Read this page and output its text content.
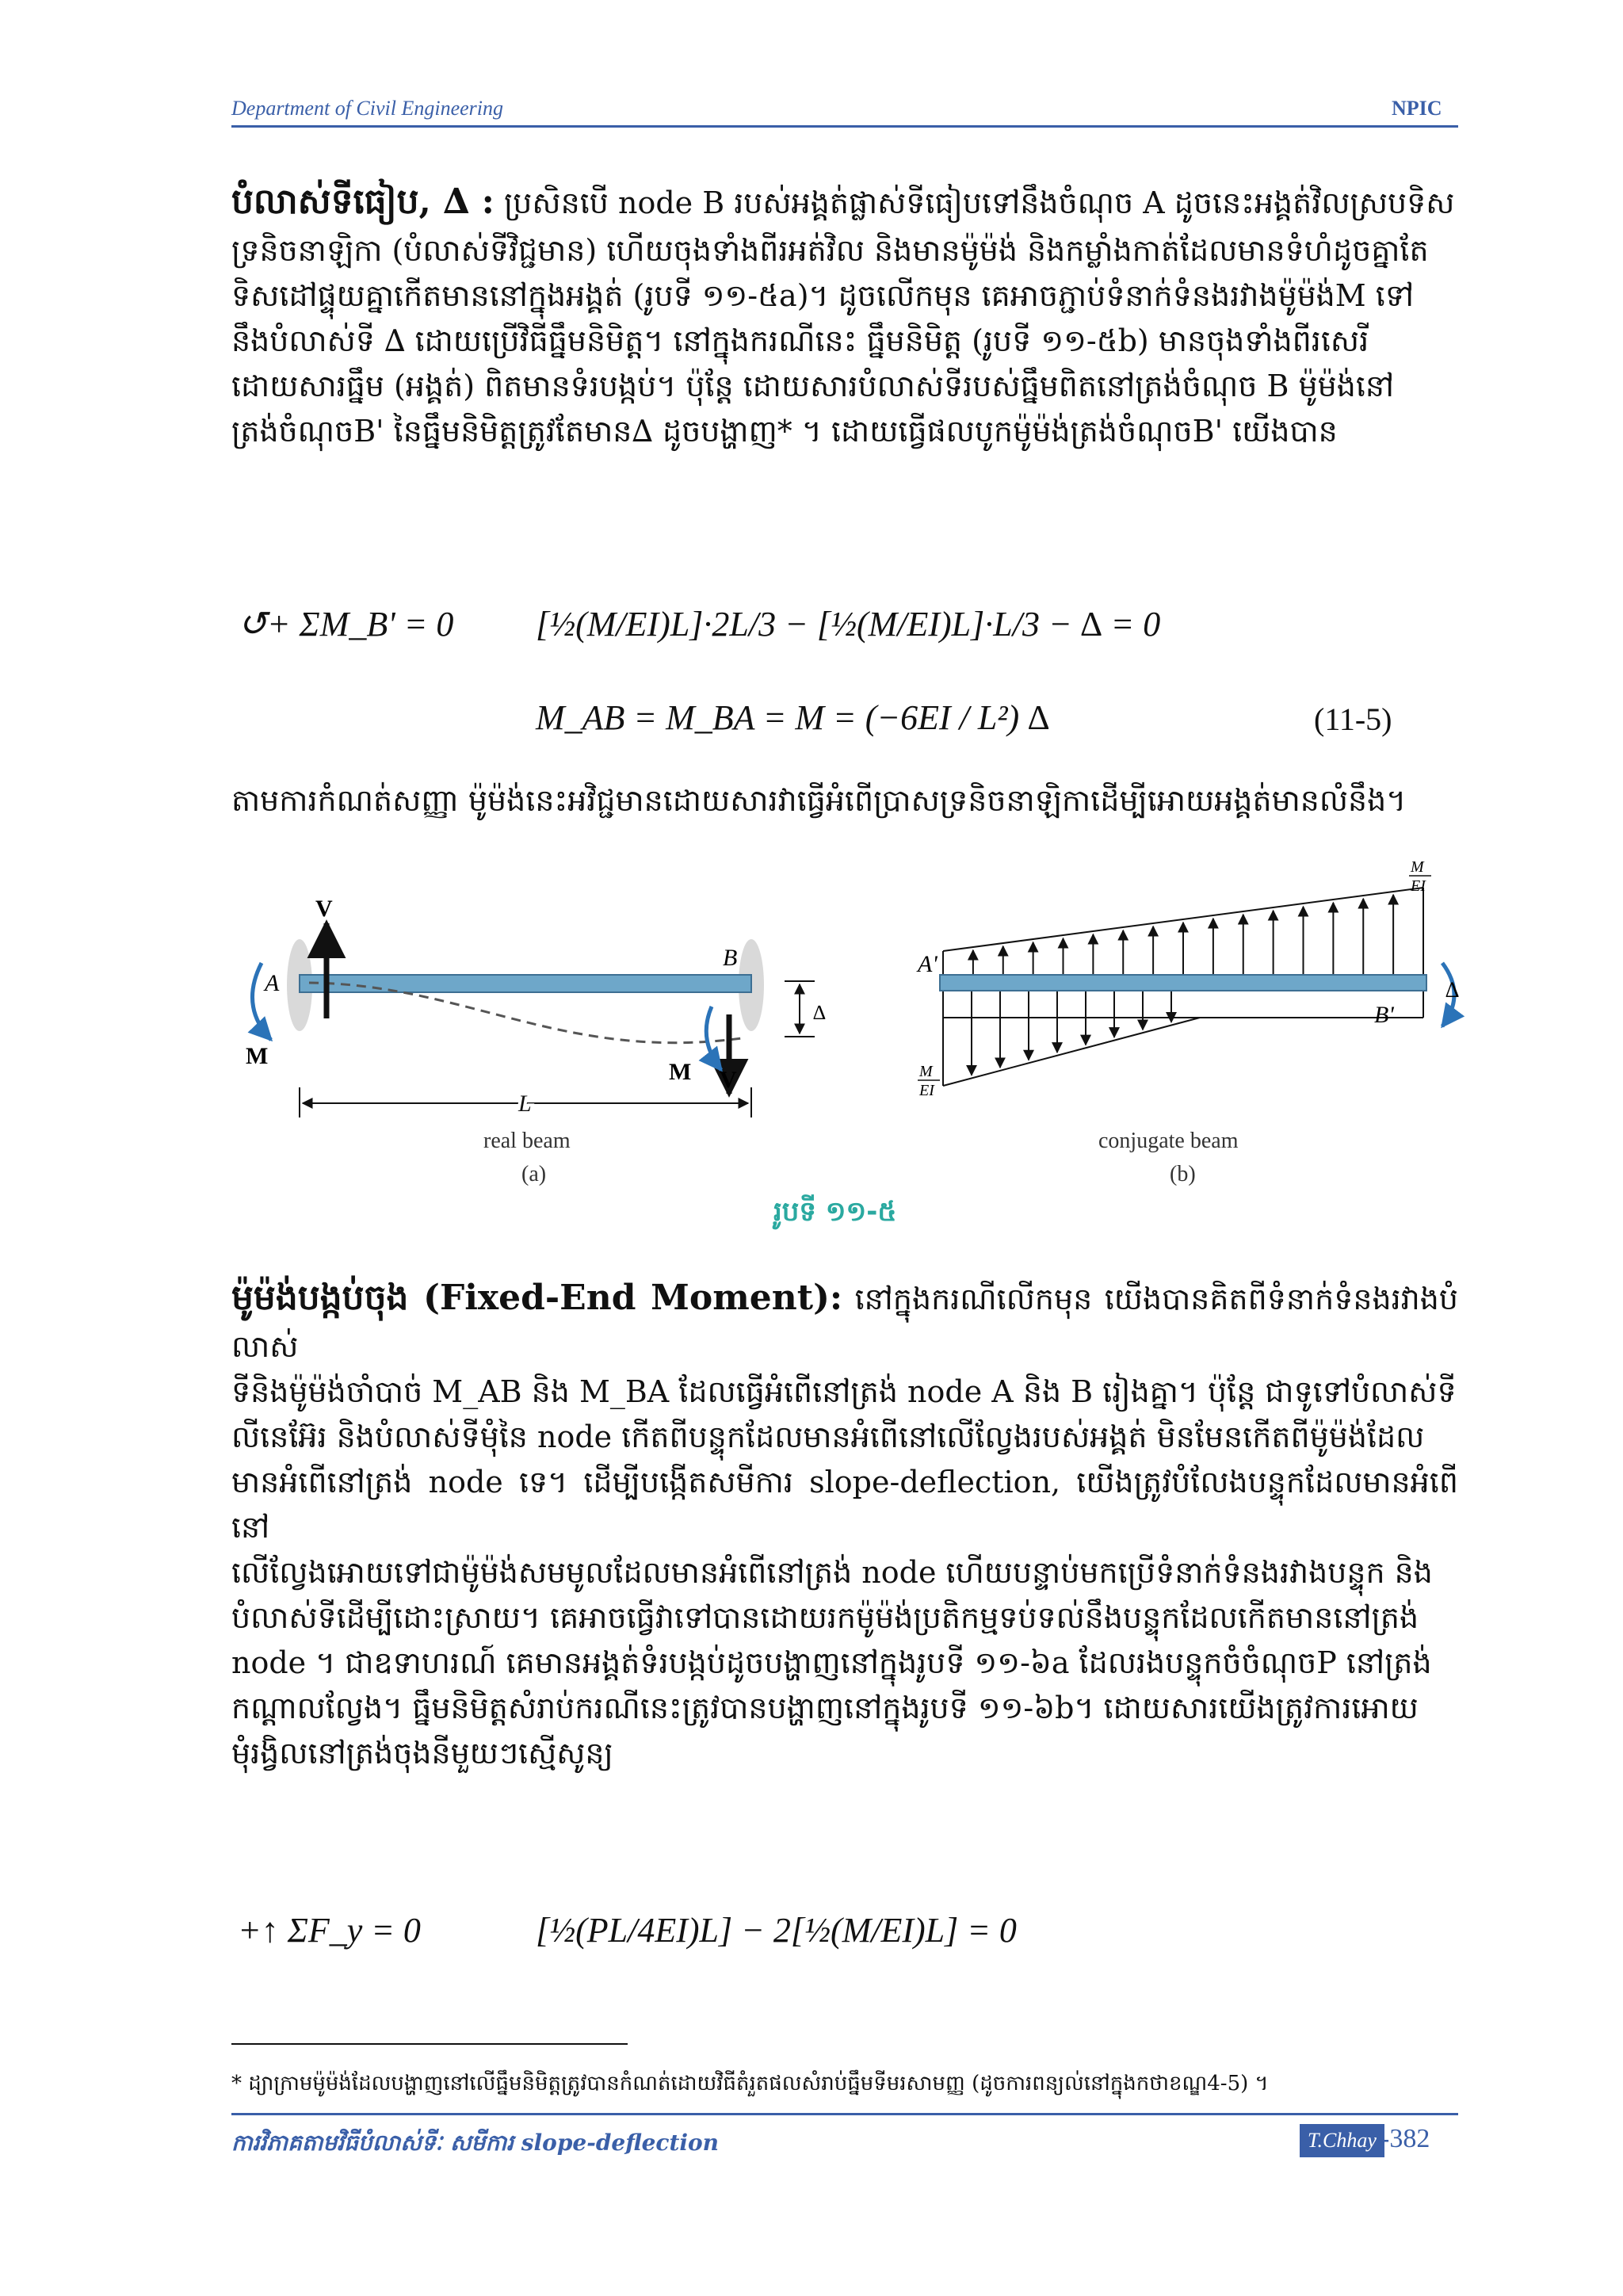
Department of Civil Engineering	NPIC

បំលាស់ទីធៀប, ∆ : ប្រសិនបើ node B របស់អង្គត់ផ្លាស់ទីធៀបទៅនឹងចំណុច A ដូចនេះអង្គត់វិលស្របទិស

ទ្រនិចនាឡិកា (បំលាស់ទីវិជ្ជមាន) ហើយចុងទាំងពីរអត់វិល និងមានម៉ូម៉ង់ និងកម្លាំងកាត់ដែលមានទំហំដូចគ្នាតែ

ទិសដៅផ្ទុយគ្នាកើតមាននៅក្នុងអង្គត់ (រូបទី ១១-៥a)។ ដូចលើកមុន គេអាចភ្ជាប់ទំនាក់ទំនងរវាងម៉ូម៉ង់M ទៅ

នឹងបំលាស់ទី ∆ ដោយប្រើវិធីធ្នឹមនិមិត្ត។ នៅក្នុងករណីនេះ ធ្នឹមនិមិត្ត (រូបទី ១១-៥b) មានចុងទាំងពីរសេរី

ដោយសារធ្នឹម (អង្គត់) ពិតមានទំរបង្កប់។ ប៉ុន្តែ ដោយសារបំលាស់ទីរបស់ធ្នឹមពិតនៅត្រង់ចំណុច B ម៉ូម៉ង់នៅ

ត្រង់ចំណុចB' នៃធ្នឹមនិមិត្តត្រូវតែមាន∆ ដូចបង្ហាញ* ។ ដោយធ្វើផលបូកម៉ូម៉ង់ត្រង់ចំណុចB' យើងបាន

↺+ ΣM_B' = 0 [½(M/EI)L]·2L/3 − [½(M/EI)L]·L/3 − ∆ = 0
M_AB = M_BA = M = (−6EI / L²) ∆	(11-5)
តាមការកំណត់សញ្ញា ម៉ូម៉ង់នេះអវិជ្ជមានដោយសារវាធ្វើអំពើប្រាសទ្រនិចនាឡិកាដើម្បីអោយអង្គត់មានលំនឹង។
A
B
V
V
M
M
L
∆
A'
B'
M
EI
M
EI
∆
real beam
(a)
conjugate beam
(b)
រូបទី ១១-៥

ម៉ូម៉ង់បង្កប់ចុង (Fixed-End Moment): នៅក្នុងករណីលើកមុន យើងបានគិតពីទំនាក់ទំនងរវាងបំលាស់

ទីនិងម៉ូម៉ង់ចាំបាច់ M_AB និង M_BA ដែលធ្វើអំពើនៅត្រង់ node A និង B រៀងគ្នា។ ប៉ុន្តែ ជាទូទៅបំលាស់ទី

លីនេអ៊ែរ និងបំលាស់ទីមុំនៃ node កើតពីបន្ទុកដែលមានអំពើនៅលើល្វែងរបស់អង្គត់ មិនមែនកើតពីម៉ូម៉ង់ដែល

មានអំពើនៅត្រង់ node ទេ។ ដើម្បីបង្កើតសមីការ slope-deflection, យើងត្រូវបំលែងបន្ទុកដែលមានអំពើនៅ

លើល្វែងអោយទៅជាម៉ូម៉ង់សមមូលដែលមានអំពើនៅត្រង់ node ហើយបន្ទាប់មកប្រើទំនាក់ទំនងរវាងបន្ទុក និង

បំលាស់ទីដើម្បីដោះស្រាយ។ គេអាចធ្វើវាទៅបានដោយរកម៉ូម៉ង់ប្រតិកម្មទប់ទល់នឹងបន្ទុកដែលកើតមាននៅត្រង់

node ។ ជាឧទាហរណ៍ គេមានអង្គត់ទំរបង្កប់ដូចបង្ហាញនៅក្នុងរូបទី ១១-៦a ដែលរងបន្ទុកចំចំណុចP នៅត្រង់

កណ្តាលល្វែង។ ធ្នឹមនិមិត្តសំរាប់ករណីនេះត្រូវបានបង្ហាញនៅក្នុងរូបទី ១១-៦b។ ដោយសារយើងត្រូវការអោយ

មុំរង្វិលនៅត្រង់ចុងនីមួយៗស្មើសូន្យ

+↑ ΣF_y = 0	[½(PL/4EI)L] − 2[½(M/EI)L] = 0
* ដ្យាក្រាមម៉ូម៉ង់ដែលបង្ហាញនៅលើធ្នឹមនិមិត្តត្រូវបានកំណត់ដោយវិធីតំរួតផលសំរាប់ធ្នឹមទីមរសាមញ្ញ (ដូចការពន្យល់នៅក្នុងកថាខណ្ឌ4-5) ។
ការវិភាគតាមវិធីបំលាស់ទីៈ សមីការ slope-deflection	T.Chhay -382
